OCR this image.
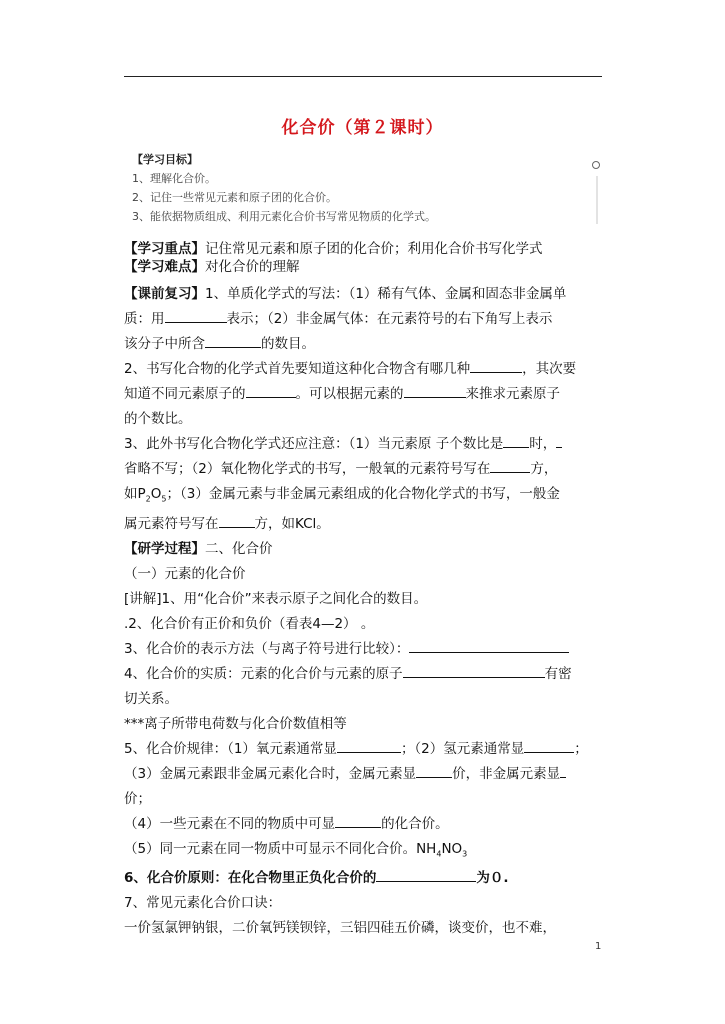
化合价（第２课时）
【学习目标】
1、理解化合价。
2、记住一些常见元素和原子团的化合价。
3、能依据物质组成、利用元素化合价书写常见物质的化学式。

【学习重点】记住常见元素和原子团的化合价；利用化合价书写化学式

【学习难点】对化合价的理解

【课前复习】1、单质化学式的写法：（1）稀有气体、金属和固态非金属单

质：用	表示；（2）非金属气体：在元素符号的右下角写上表示

该分子中所含	的数目。

2、书写化合物的化学式首先要知道这种化合物含有哪几种	，其次要

知道不同元素原子的	。可以根据元素的	来推求元素原子

的个数比。

3、此外书写化合物化学式还应注意：（1）当元素原 子个数比是 时，

省略不写；（2）氧化物化学式的书写，一般氧的元素符号写在	方，

如$P_2O_5$；（3）金属元素与非金属元素组成的化合物化学式的书写，一般金

属元素符号写在	方，如KCl。

【研学过程】二、化合价

（一）元素的化合价

[讲解]1、用“化合价”来表示原子之间化合的数目。

.2、化合价有正价和负价（看表4—2） 。

3、化合价的表示方法（与离子符号进行比较）：

4、化合价的实质：元素的化合价与元素的原子	有密

切关系。

***离子所带电荷数与化合价数值相等

5、化合价规律：（1）氧元素通常显	；（2）氢元素通常显	；

（3）金属元素跟非金属元素化合时，金属元素显	价，非金属元素显

价；

（4）一些元素在不同的物质中可显	的化合价。

（5）同一元素在同一物质中可显示不同化合价。$NH_4NO_3$

6、化合价原则：在化合物里正负化合价的	为０.

7、常见元素化合价口诀：

一价氢氯钾钠银，二价氧钙镁钡锌，三铝四硅五价磷，谈变价，也不难，

1
